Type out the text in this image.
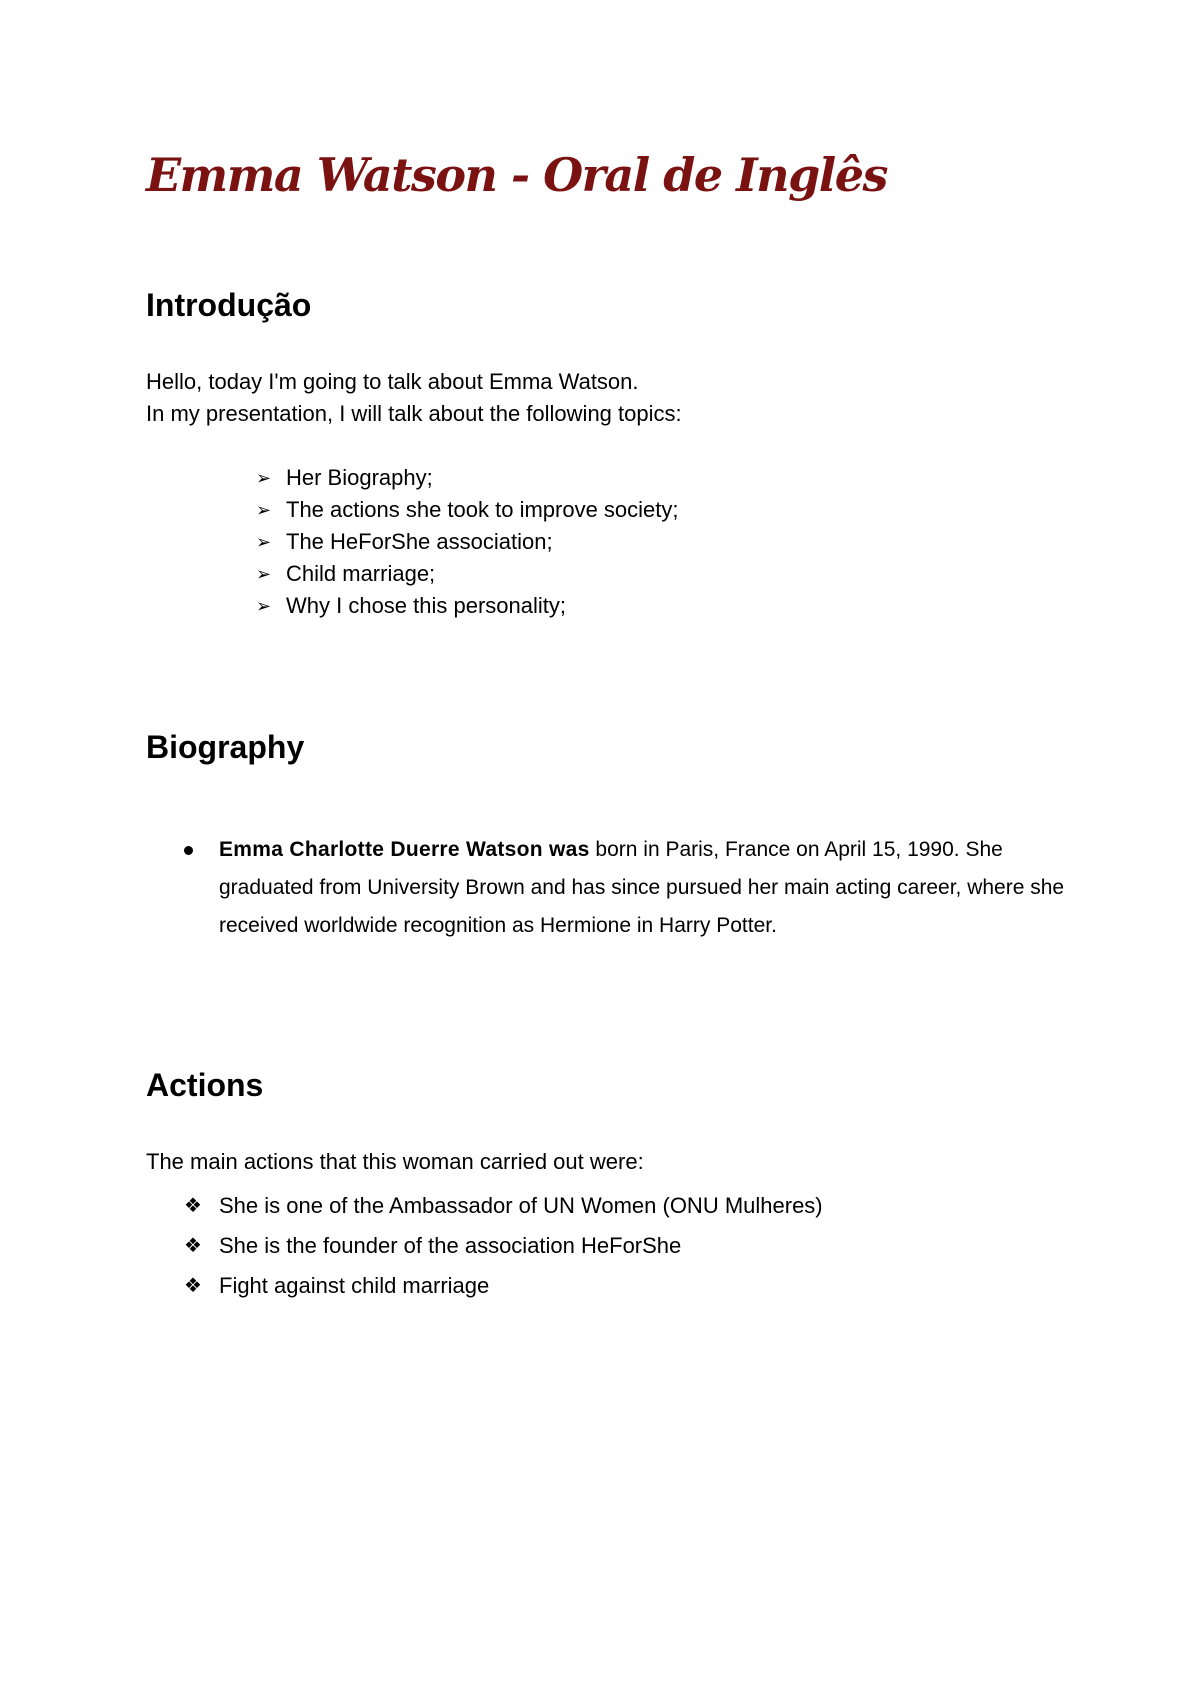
Emma Watson - Oral de Inglês
Introdução
Hello, today I'm going to talk about Emma Watson.
In my presentation, I will talk about the following topics:
➢ Her Biography;
➢ The actions she took to improve society;
➢ The HeForShe association;
➢ Child marriage;
➢ Why I chose this personality;
Biography
Emma Charlotte Duerre Watson was born in Paris, France on April 15, 1990. She graduated from University Brown and has since pursued her main acting career, where she received worldwide recognition as Hermione in Harry Potter.
Actions
The main actions that this woman carried out were:
❖ She is one of the Ambassador of UN Women (ONU Mulheres)
❖ She is the founder of the association HeForShe
❖ Fight against child marriage
